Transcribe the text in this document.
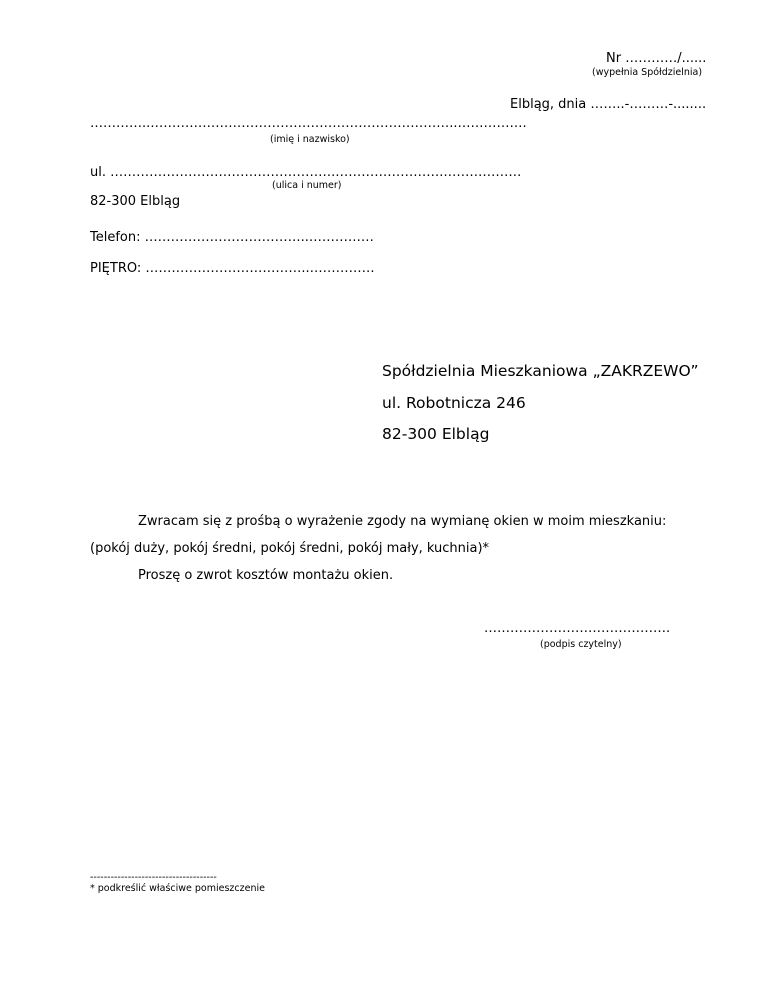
Nr …………/......
(wypełnia Spółdzielnia)
Elbląg, dnia ……..-………-........
…………..……………………………………………………………..…………….
(imię i nazwisko)
ul. …………………………………………….…………………….………………
(ulica i numer)
82-300 Elbląg
Telefon: ………………………………..……………
PIĘTRO: ………………………………..……………
Spółdzielnia Mieszkaniowa „ZAKRZEWO”
ul. Robotnicza 246
82-300 Elbląg
Zwracam się z prośbą o wyrażenie zgody na wymianę okien w moim mieszkaniu:
(pokój duży, pokój średni, pokój średni, pokój mały, kuchnia)*
Proszę o zwrot kosztów montażu okien.
…………………………………….
(podpis czytelny)
-------------------------------------
* podkreślić właściwe pomieszczenie
